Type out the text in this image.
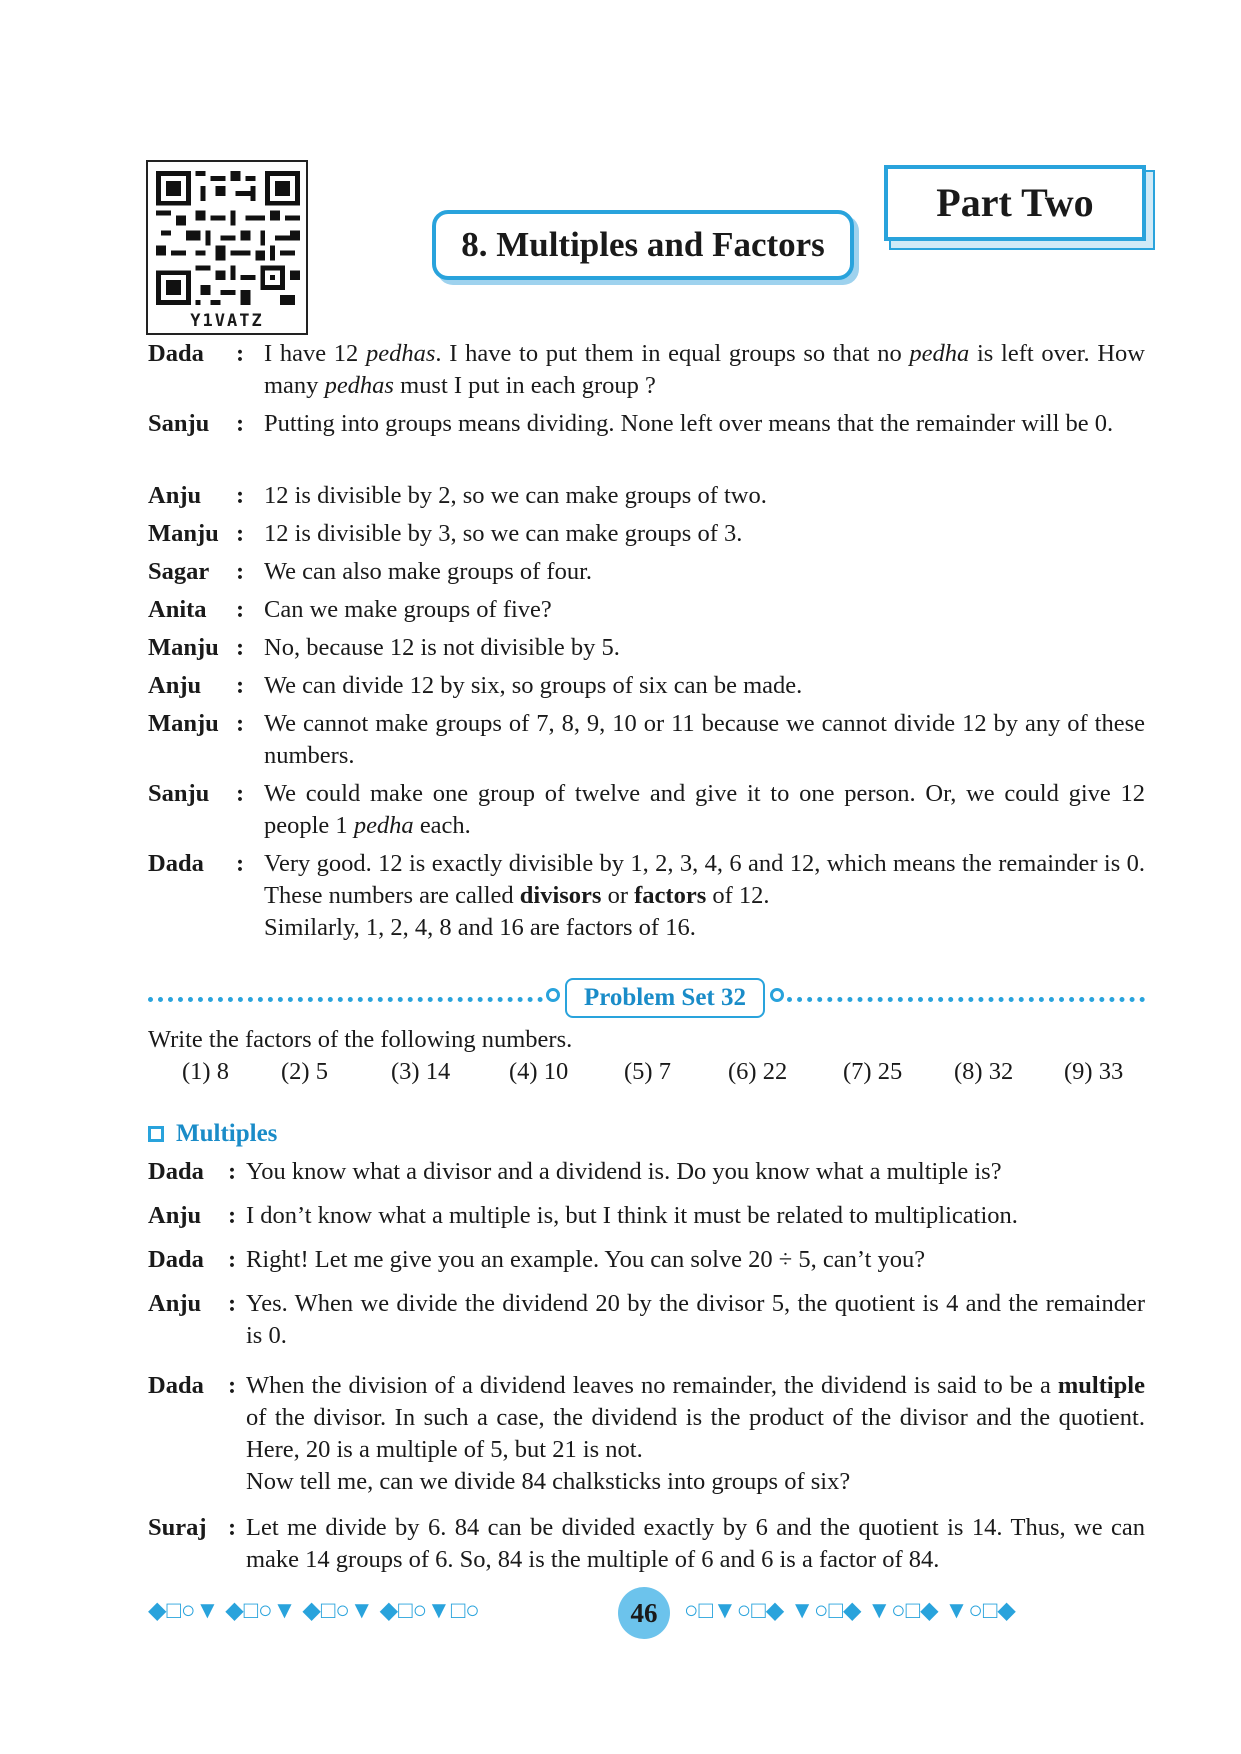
Y1VATZ
Part Two
8. Multiples and Factors
Dada : I have 12 pedhas. I have to put them in equal groups so that no pedha is left over. How many pedhas must I put in each group ?
Sanju : Putting into groups means dividing. None left over means that the remainder will be 0.
Anju : 12 is divisible by 2, so we can make groups of two.
Manju : 12 is divisible by 3, so we can make groups of 3.
Sagar : We can also make groups of four.
Anita : Can we make groups of five?
Manju : No, because 12 is not divisible by 5.
Anju : We can divide 12 by six, so groups of six can be made.
Manju : We cannot make groups of 7, 8, 9, 10 or 11 because we cannot divide 12 by any of these numbers.
Sanju : We could make one group of twelve and give it to one person. Or, we could give 12 people 1 pedha each.
Dada : Very good. 12 is exactly divisible by 1, 2, 3, 4, 6 and 12, which means the remainder is 0. These numbers are called divisors or factors of 12.
Similarly, 1, 2, 4, 8 and 16 are factors of 16.
Problem Set 32
Write the factors of the following numbers.
(1) 8 (2) 5	(3) 14 (4) 10 (5) 7 (6) 22 (7) 25 (8) 32 (9) 33
Multiples
Dada : You know what a divisor and a dividend is. Do you know what a multiple is?
Anju : I don’t know what a multiple is, but I think it must be related to multiplication.
Dada : Right! Let me give you an example. You can solve 20 ÷ 5, can’t you?
Anju : Yes. When we divide the dividend 20 by the divisor 5, the quotient is 4 and the remainder is 0.
Dada : When the division of a dividend leaves no remainder, the dividend is said to be a multiple of the divisor. In such a case, the dividend is the product of the divisor and the quotient. Here, 20 is a multiple of 5, but 21 is not.
Now tell me, can we divide 84 chalksticks into groups of six?
Suraj : Let me divide by 6. 84 can be divided exactly by 6 and the quotient is 14. Thus, we can make 14 groups of 6. So, 84 is the multiple of 6 and 6 is a factor of 84.
◆□○▼ ◆□○▼ ◆□○▼ ◆□○▼□○	46	○□▼○□◆ ▼○□◆ ▼○□◆ ▼○□◆
